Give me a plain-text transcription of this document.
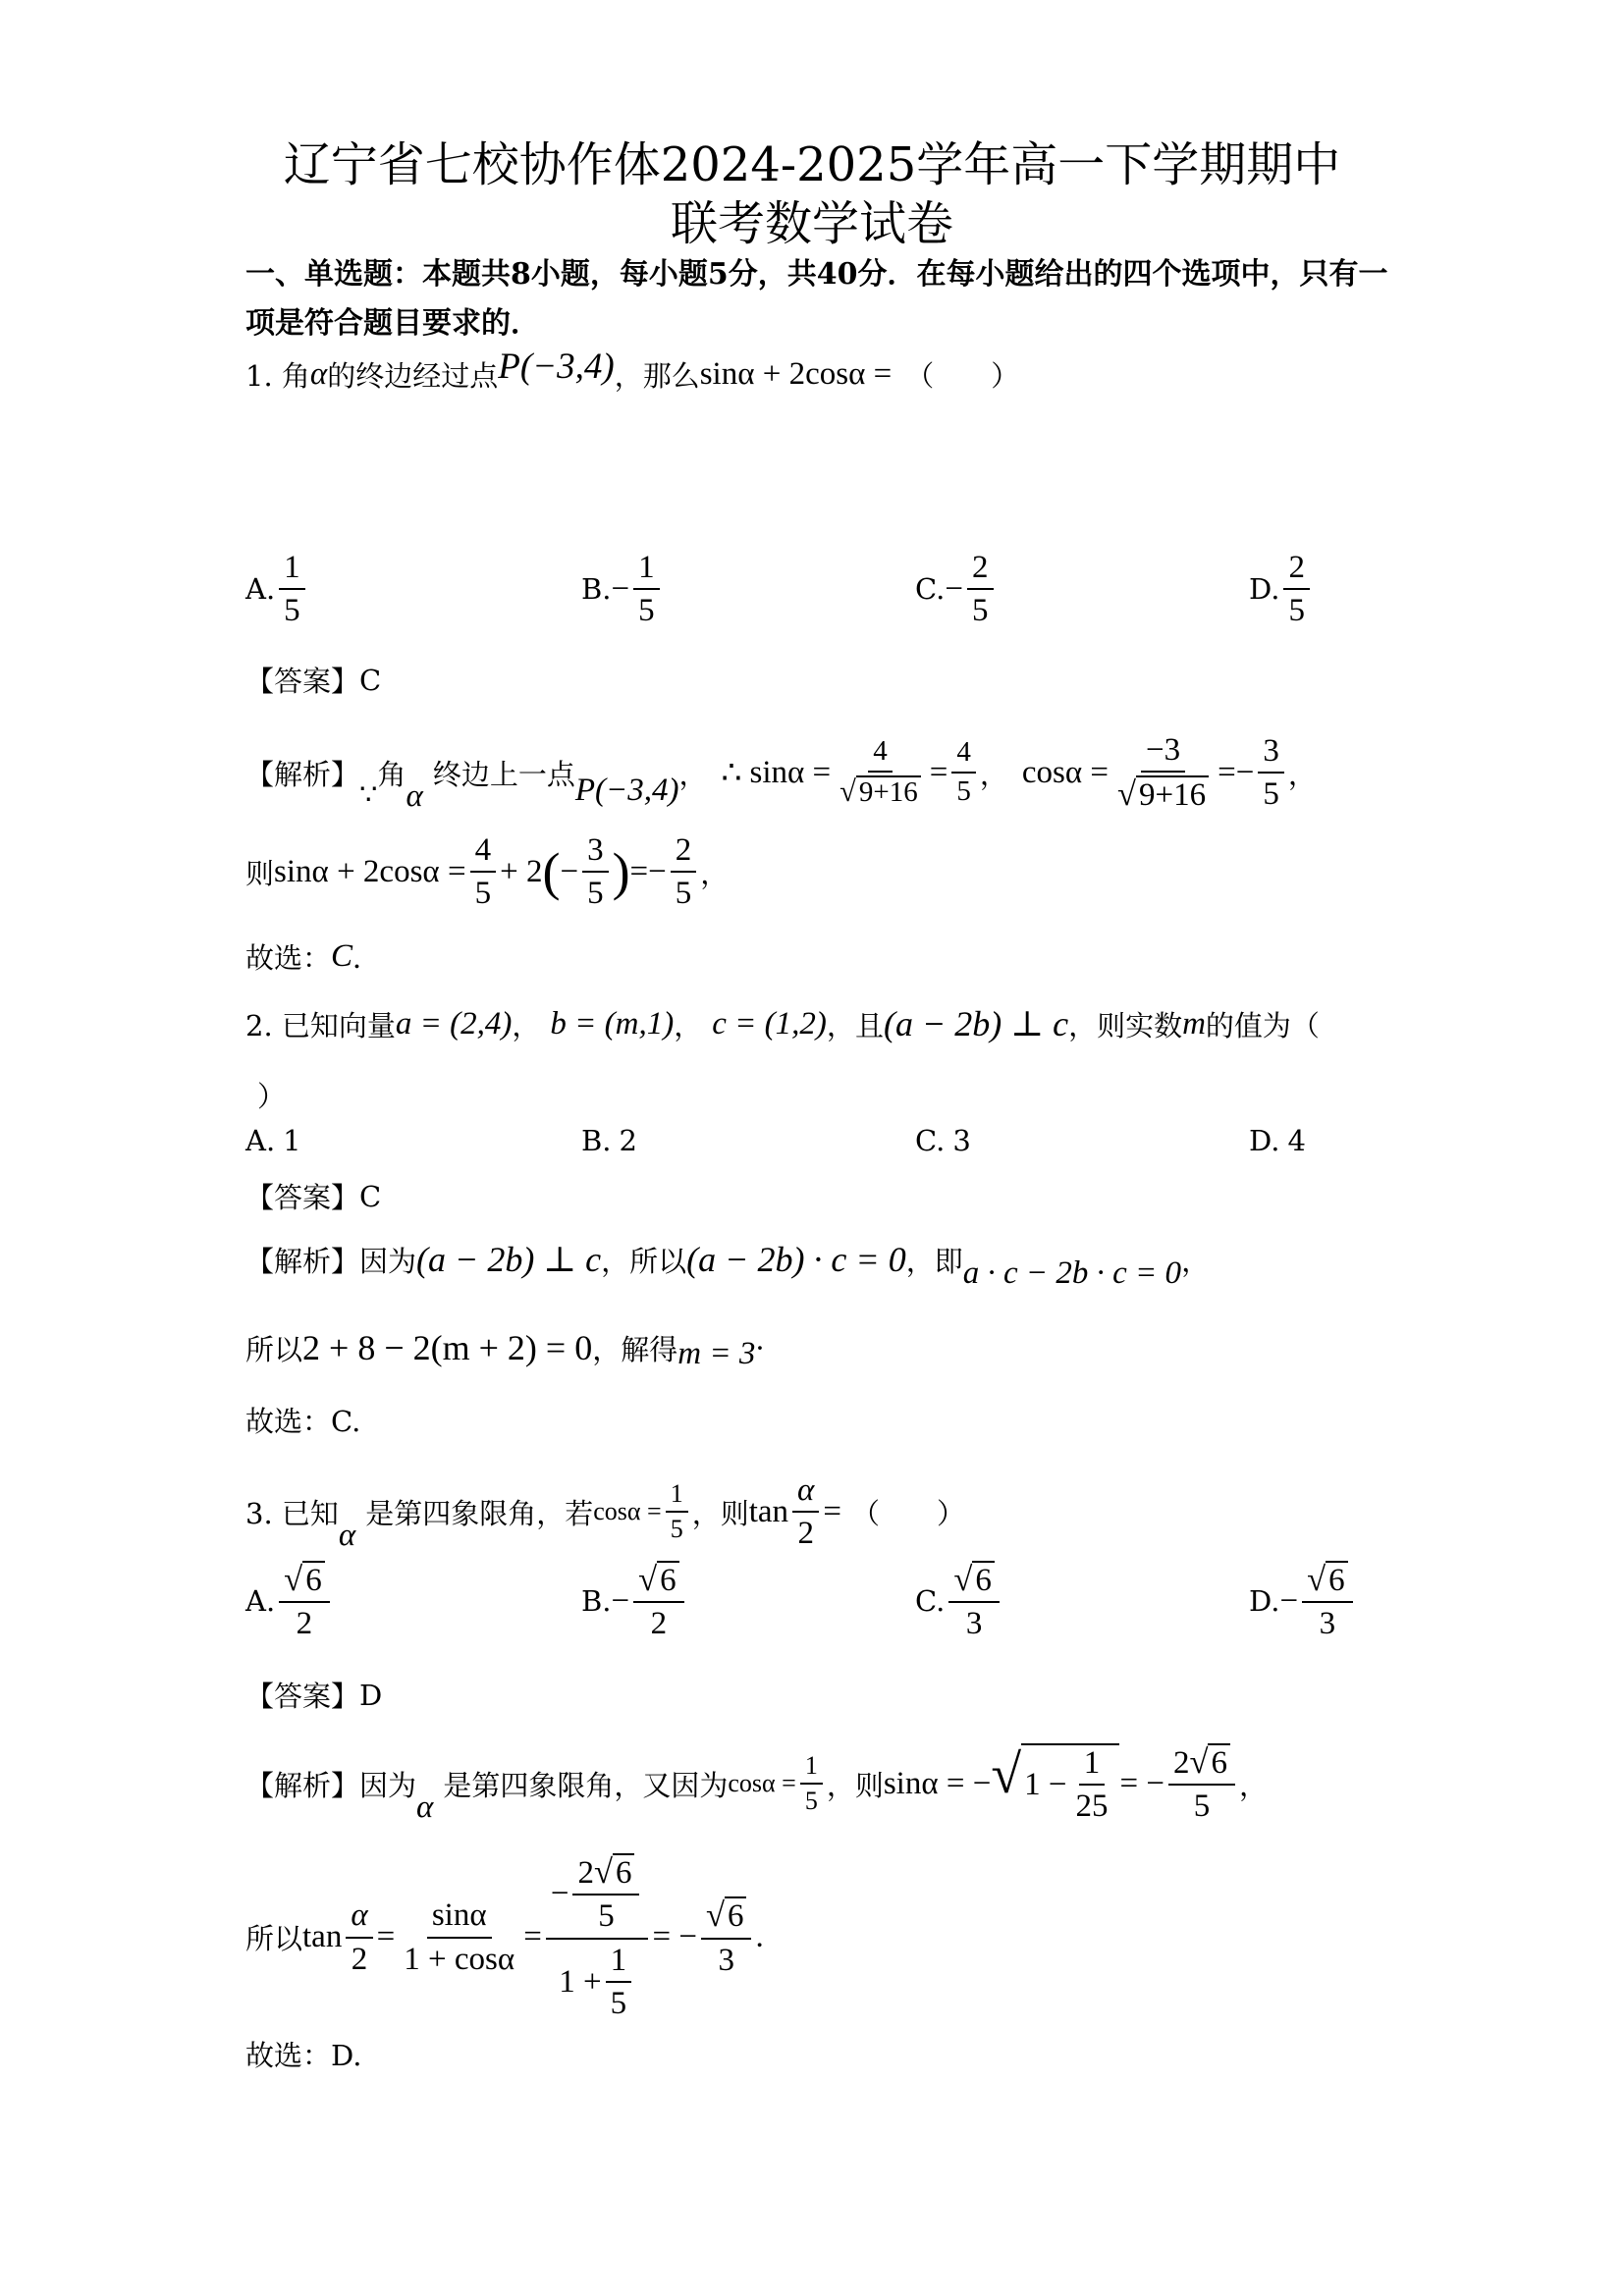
辽宁省七校协作体2024-2025学年高一下学期期中
联考数学试卷
一、单选题：本题共8小题，每小题5分，共40分．在每小题给出的四个选项中，只有一
项是符合题目要求的．
1. 角 α 的终边经过点 P(−3,4) ，那么 sinα + 2cosα = （　　）
A. $\frac{1}{5}$	B. − $\frac{1}{5}$	C. − $\frac{2}{5}$	D. $\frac{2}{5}$
【答案】 C
【解析】
∵
角
α
终边上一点 P(−3,4) ， ∴ $\sin\alpha = \frac{4}{√ 9+16} = \frac{4}{5}$ ， $\cos\alpha = \frac{-3}{√ 9+16}$ = − $\frac{3}{5}$ ，
则 $\sin\alpha + 2\cos\alpha = \frac{4}{5} + 2$ ( − $\frac{3}{5}$ ) = − $\frac{2}{5}$ ，
故选： C ．
2. 已知向量 a = (2,4) ， b = (m,1) ， c = (1,2) ， 且 (a − 2b) ⊥ c ，则实数 m 的值为（
）
A. 1	B. 2	C. 3	D. 4
【答案】 C
【解析】 因为 (a − 2b) ⊥ c ，所以 (a − 2b) · c = 0 ，即 a · c − 2b · c = 0 ，
所以 2 + 8 − 2(m + 2) = 0 ，解得 m = 3 ·
故选：C.
3. 已知
α
是第四象限角，若 $\cos\alpha = \frac{1}{5}$ ，则 $\tan \frac{\alpha}{2}$ = （　　）
A. $\frac{√ 6}{2}$	B. − $\frac{√ 6}{2}$	C. $\frac{√ 6}{3}$	D. − $\frac{√ 6}{3}$
【答案】 D
【解析】 因为
α
是第四象限角，又因为 $\cos\alpha = \frac{1}{5}$ ，则 sinα = − √ $1 - \frac{1}{25}$ = − $\frac{2 √ 6}{5}$ ，
所以 $\tan \frac{\alpha}{2} = \frac{\sin\alpha}{1 + \cos\alpha} = \frac{- \frac{2 √ 6}{5}}{1 + \frac{1}{5}}$ = − $\frac{√ 6}{3}$ .
故选：D.
